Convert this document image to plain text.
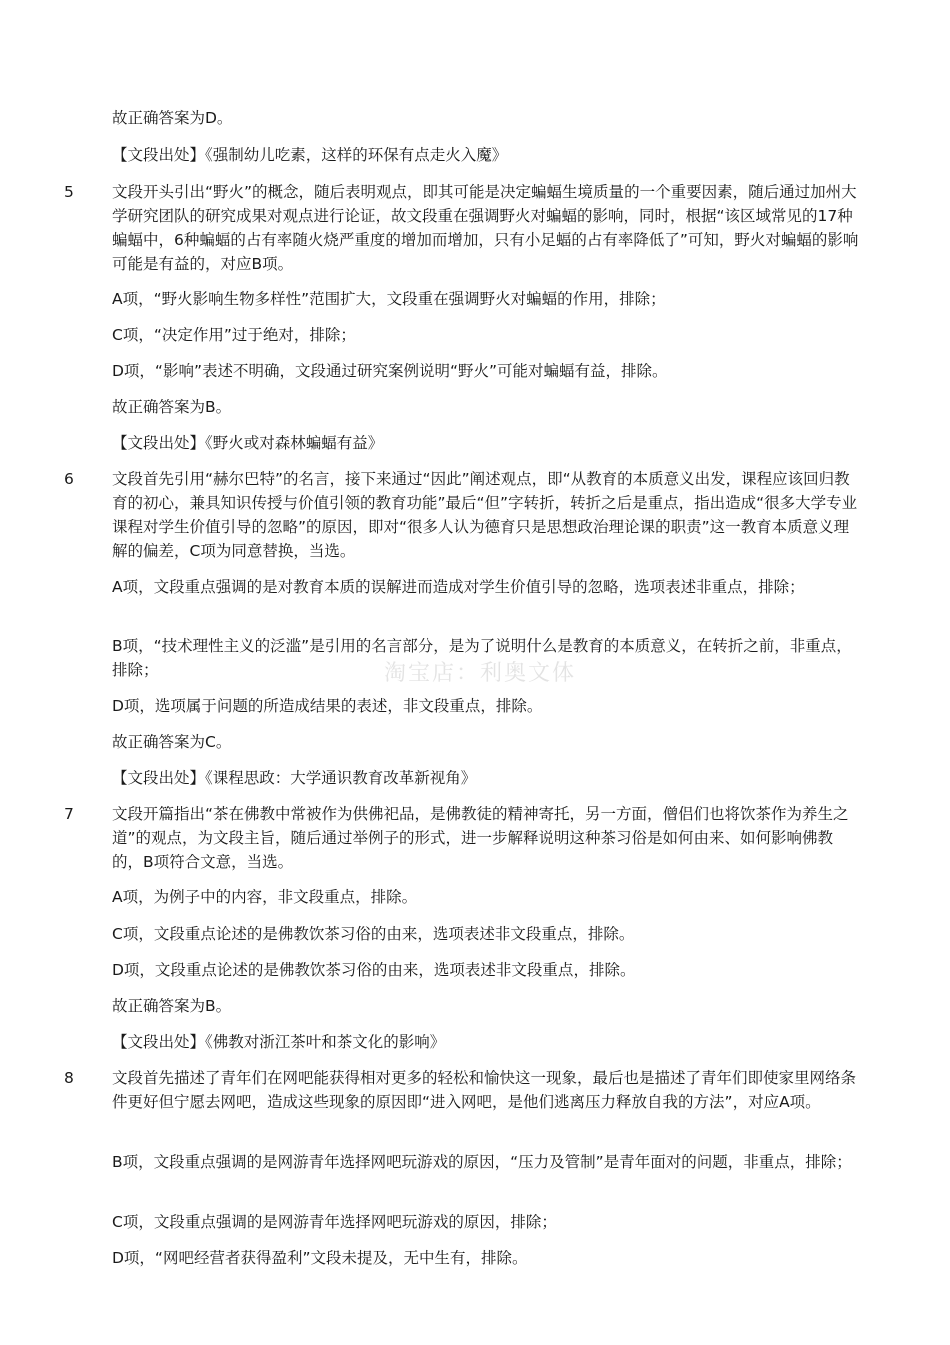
淘宝店：利奥文体

故正确答案为D。

【文段出处】《强制幼儿吃素，这样的环保有点走火入魔》

5 文段开头引出“野火”的概念，随后表明观点，即其可能是决定蝙蝠生境质量的一个重要因素，随后通过加州大学研究团队的研究成果对观点进行论证，故文段重在强调野火对蝙蝠的影响，同时，根据“该区域常见的17种蝙蝠中，6种蝙蝠的占有率随火烧严重度的增加而增加，只有小足蝠的占有率降低了”可知，野火对蝙蝠的影响可能是有益的，对应B项。

A项，“野火影响生物多样性”范围扩大，文段重在强调野火对蝙蝠的作用，排除；

C项，“决定作用”过于绝对，排除；

D项，“影响”表述不明确，文段通过研究案例说明“野火”可能对蝙蝠有益，排除。

故正确答案为B。

【文段出处】《野火或对森林蝙蝠有益》

6 文段首先引用“赫尔巴特”的名言，接下来通过“因此”阐述观点，即“从教育的本质意义出发，课程应该回归教育的初心，兼具知识传授与价值引领的教育功能”最后“但”字转折，转折之后是重点，指出造成“很多大学专业课程对学生价值引导的忽略”的原因，即对“很多人认为德育只是思想政治理论课的职责”这一教育本质意义理解的偏差，C项为同意替换，当选。

A项，文段重点强调的是对教育本质的误解进而造成对学生价值引导的忽略，选项表述非重点，排除；

B项，“技术理性主义的泛滥”是引用的名言部分，是为了说明什么是教育的本质意义，在转折之前，非重点，排除；

D项，选项属于问题的所造成结果的表述，非文段重点，排除。

故正确答案为C。

【文段出处】《课程思政：大学通识教育改革新视角》

7 文段开篇指出“茶在佛教中常被作为供佛祀品，是佛教徒的精神寄托，另一方面，僧侣们也将饮茶作为养生之道”的观点，为文段主旨，随后通过举例子的形式，进一步解释说明这种茶习俗是如何由来、如何影响佛教的，B项符合文意，当选。

A项，为例子中的内容，非文段重点，排除。

C项，文段重点论述的是佛教饮茶习俗的由来，选项表述非文段重点，排除。

D项，文段重点论述的是佛教饮茶习俗的由来，选项表述非文段重点，排除。

故正确答案为B。

【文段出处】《佛教对浙江茶叶和茶文化的影响》

8 文段首先描述了青年们在网吧能获得相对更多的轻松和愉快这一现象，最后也是描述了青年们即使家里网络条件更好但宁愿去网吧，造成这些现象的原因即“进入网吧，是他们逃离压力释放自我的方法”，对应A项。

B项，文段重点强调的是网游青年选择网吧玩游戏的原因，“压力及管制”是青年面对的问题，非重点，排除；

C项，文段重点强调的是网游青年选择网吧玩游戏的原因，排除；

D项，“网吧经营者获得盈利”文段未提及，无中生有，排除。
